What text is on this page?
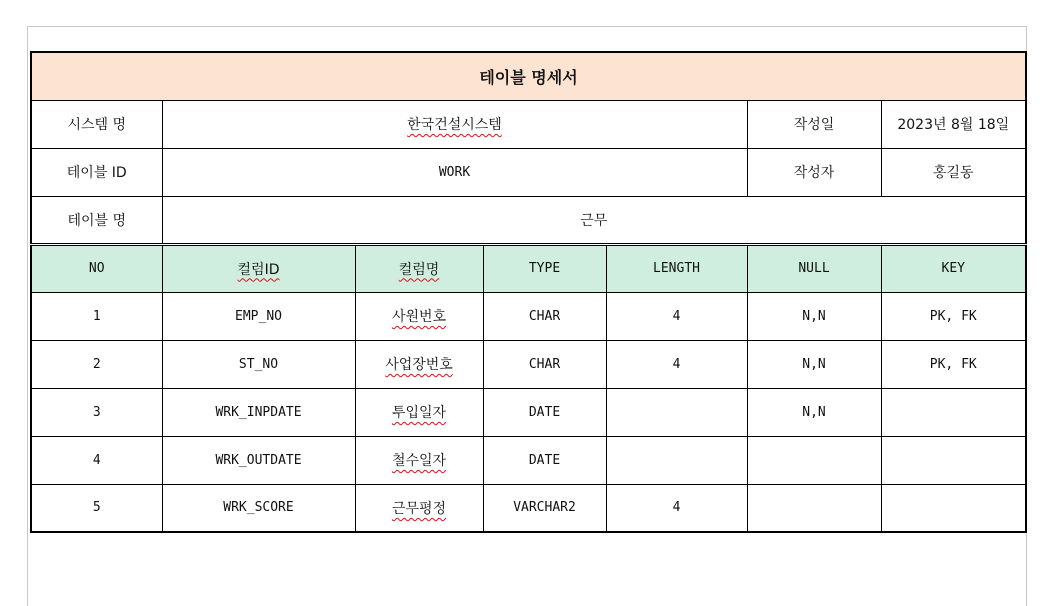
테이블 명세서						
시스템 명	한국건설시스템				작성일	2023년 8월 18일
테이블 ID	WORK				작성자	홍길동
테이블 명	근무					
NO	컬럼ID	컬럼명	TYPE	LENGTH	NULL	KEY
1	EMP_NO	사원번호	CHAR	4	N,N	PK, FK
2	ST_NO	사업장번호	CHAR	4	N,N	PK, FK
3	WRK_INPDATE	투입일자	DATE		N,N	
4	WRK_OUTDATE	철수일자	DATE			
5	WRK_SCORE	근무평정	VARCHAR2	4		
